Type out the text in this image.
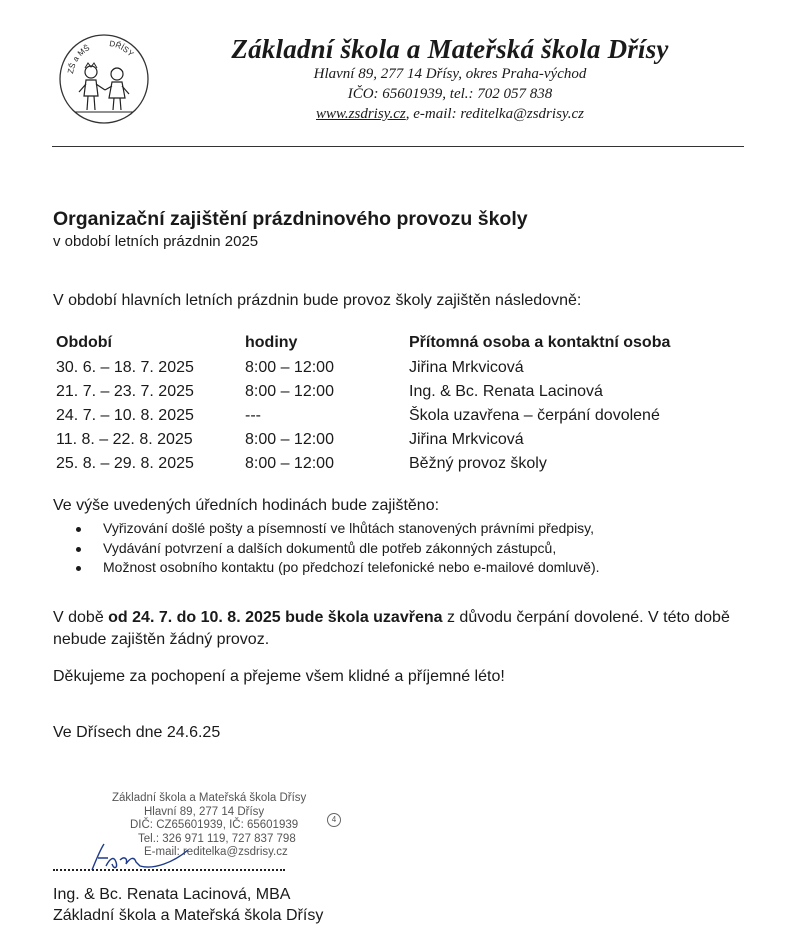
ZŠ a MŠ DŘÍSY	Základní škola a Mateřská škola Dřísy
Hlavní 89, 277 14 Dřísy, okres Praha-východ
IČO: 65601939, tel.: 702 057 838
www.zsdrisy.cz, e-mail: reditelka@zsdrisy.cz
Organizační zajištění prázdninového provozu školy
v období letních prázdnin 2025
V období hlavních letních prázdnin bude provoz školy zajištěn následovně:
Období	hodiny	Přítomná osoba a kontaktní osoba
30. 6. – 18. 7. 2025	8:00 – 12:00	Jiřina Mrkvicová
21. 7. – 23. 7. 2025	8:00 – 12:00	Ing. & Bc. Renata Lacinová
24. 7. – 10. 8. 2025	---	Škola uzavřena – čerpání dovolené
11. 8. – 22. 8. 2025	8:00 – 12:00	Jiřina Mrkvicová
25. 8. – 29. 8. 2025	8:00 – 12:00	Běžný provoz školy
Ve výše uvedených úředních hodinách bude zajištěno:
Vyřizování došlé pošty a písemností ve lhůtách stanovených právními předpisy,
Vydávání potvrzení a dalších dokumentů dle potřeb zákonných zástupců,
Možnost osobního kontaktu (po předchozí telefonické nebo e-mailové domluvě).
V době od 24. 7. do 10. 8. 2025 bude škola uzavřena z důvodu čerpání dovolené. V této době nebude zajištěn žádný provoz.
Děkujeme za pochopení a přejeme všem klidné a příjemné léto!
Ve Dřísech dne 24.6.25
Základní škola a Mateřská škola Dřísy
Hlavní 89, 277 14 Dřísy
DIČ: CZ65601939, IČ: 65601939
Tel.: 326 971 119, 727 837 798
E-mail: reditelka@zsdrisy.cz
4
Ing. & Bc. Renata Lacinová, MBA
Základní škola a Mateřská škola Dřísy
